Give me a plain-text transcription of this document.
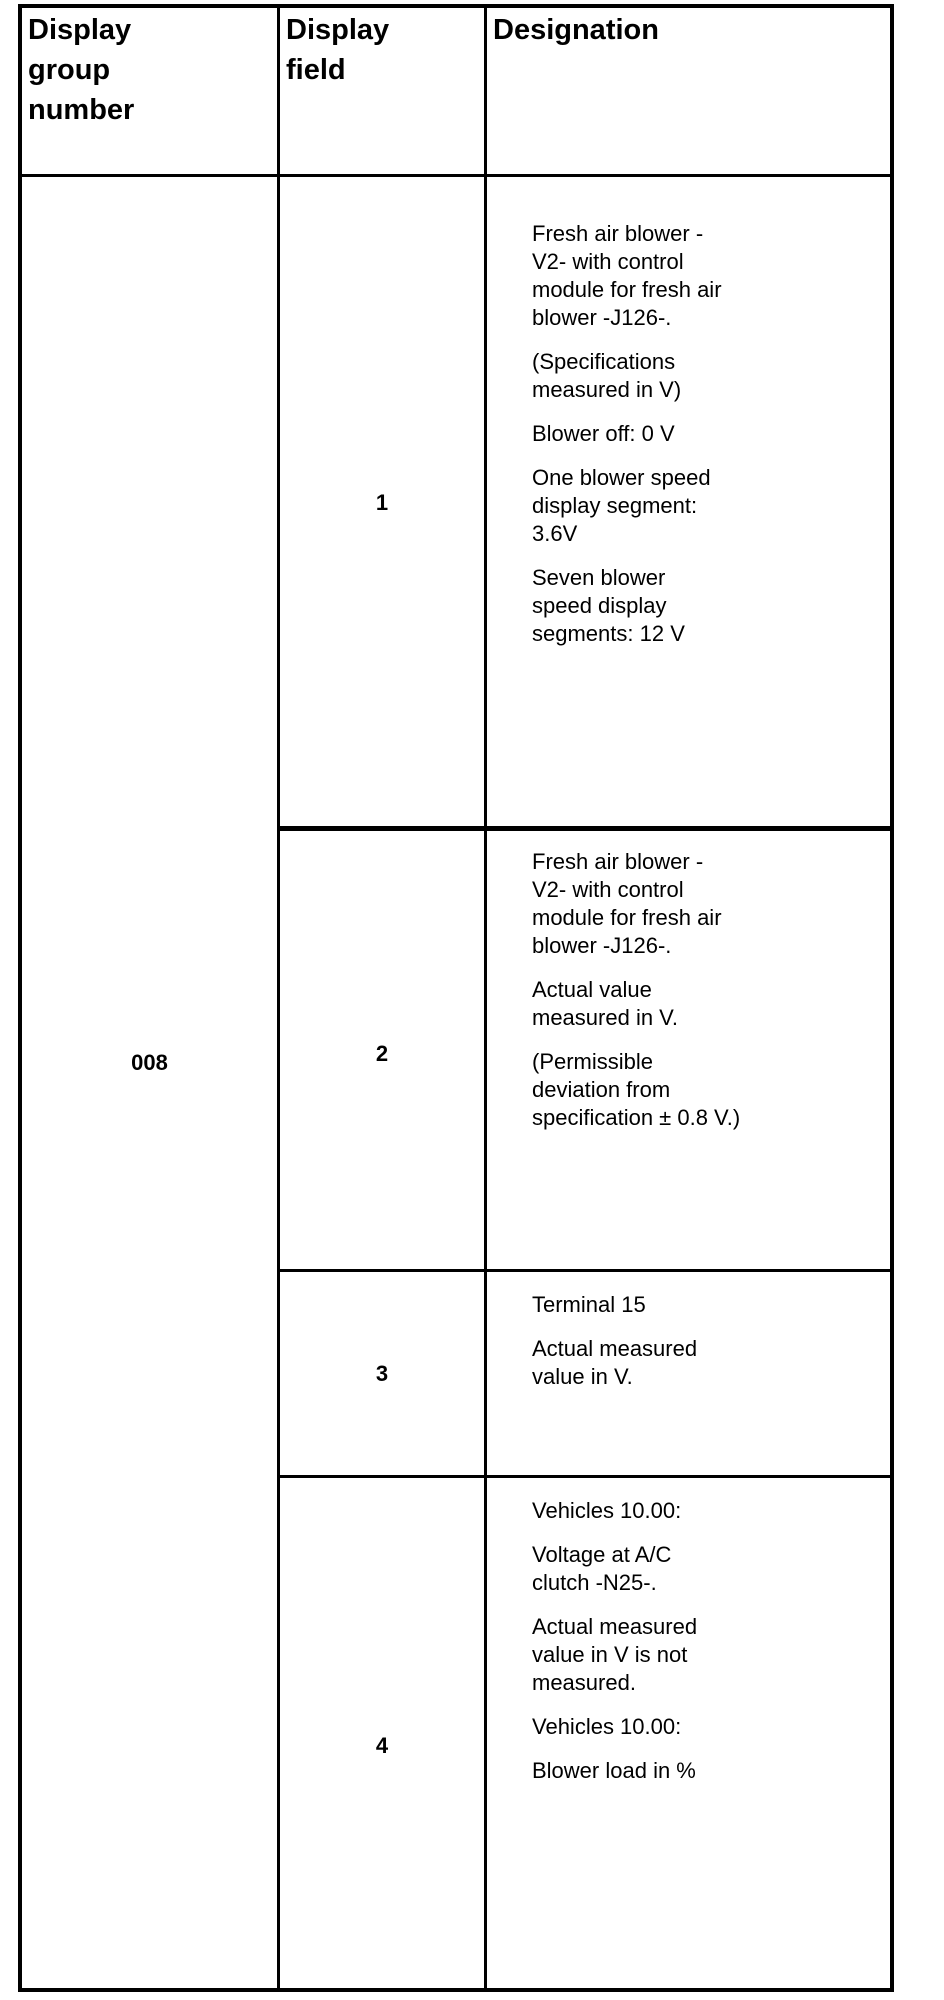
Display
group
number
Display
field
Designation
008
1

Fresh air blower -
V2- with control
module for fresh air
blower -J126-.

(Specifications
measured in V)

Blower off: 0 V

One blower speed
display segment:
3.6V

Seven blower
speed display
segments: 12 V

2

Fresh air blower -
V2- with control
module for fresh air
blower -J126-.

Actual value
measured in V.

(Permissible
deviation from
specification ± 0.8 V.)

3

Terminal 15

Actual measured
value in V.

4

Vehicles 10.00:

Voltage at A/C
clutch -N25-.

Actual measured
value in V is not
measured.

Vehicles 10.00:

Blower load in %
